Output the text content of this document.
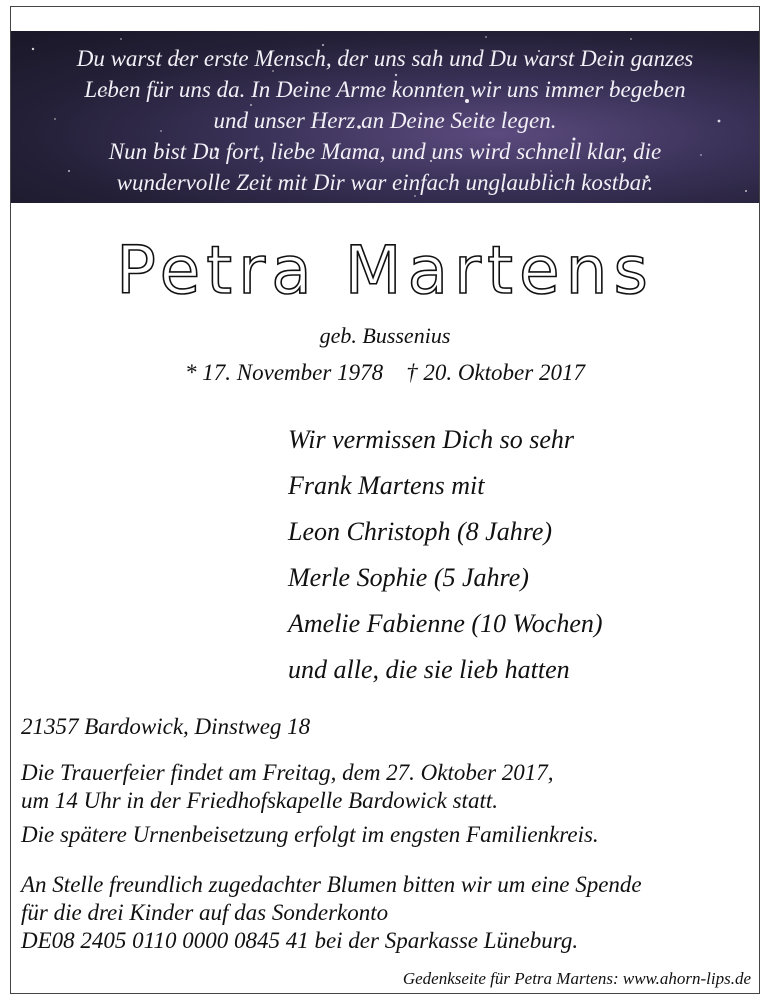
Du warst der erste Mensch, der uns sah und Du warst Dein ganzes
Leben für uns da. In Deine Arme konnten wir uns immer begeben
und unser Herz an Deine Seite legen.
Nun bist Du fort, liebe Mama, und uns wird schnell klar, die
wundervolle Zeit mit Dir war einfach unglaublich kostbar.
Petra Martens
geb. Bussenius
* 17. November 1978    † 20. Oktober 2017
Wir vermissen Dich so sehr
Frank Martens mit
Leon Christoph (8 Jahre)
Merle Sophie (5 Jahre)
Amelie Fabienne (10 Wochen)
und alle, die sie lieb hatten
21357 Bardowick, Dinstweg 18
Die Trauerfeier findet am Freitag, dem 27. Oktober 2017,
um 14 Uhr in der Friedhofskapelle Bardowick statt.
Die spätere Urnenbeisetzung erfolgt im engsten Familienkreis.
An Stelle freundlich zugedachter Blumen bitten wir um eine Spende
für die drei Kinder auf das Sonderkonto
DE08 2405 0110 0000 0845 41 bei der Sparkasse Lüneburg.
Gedenkseite für Petra Martens: www.ahorn-lips.de
